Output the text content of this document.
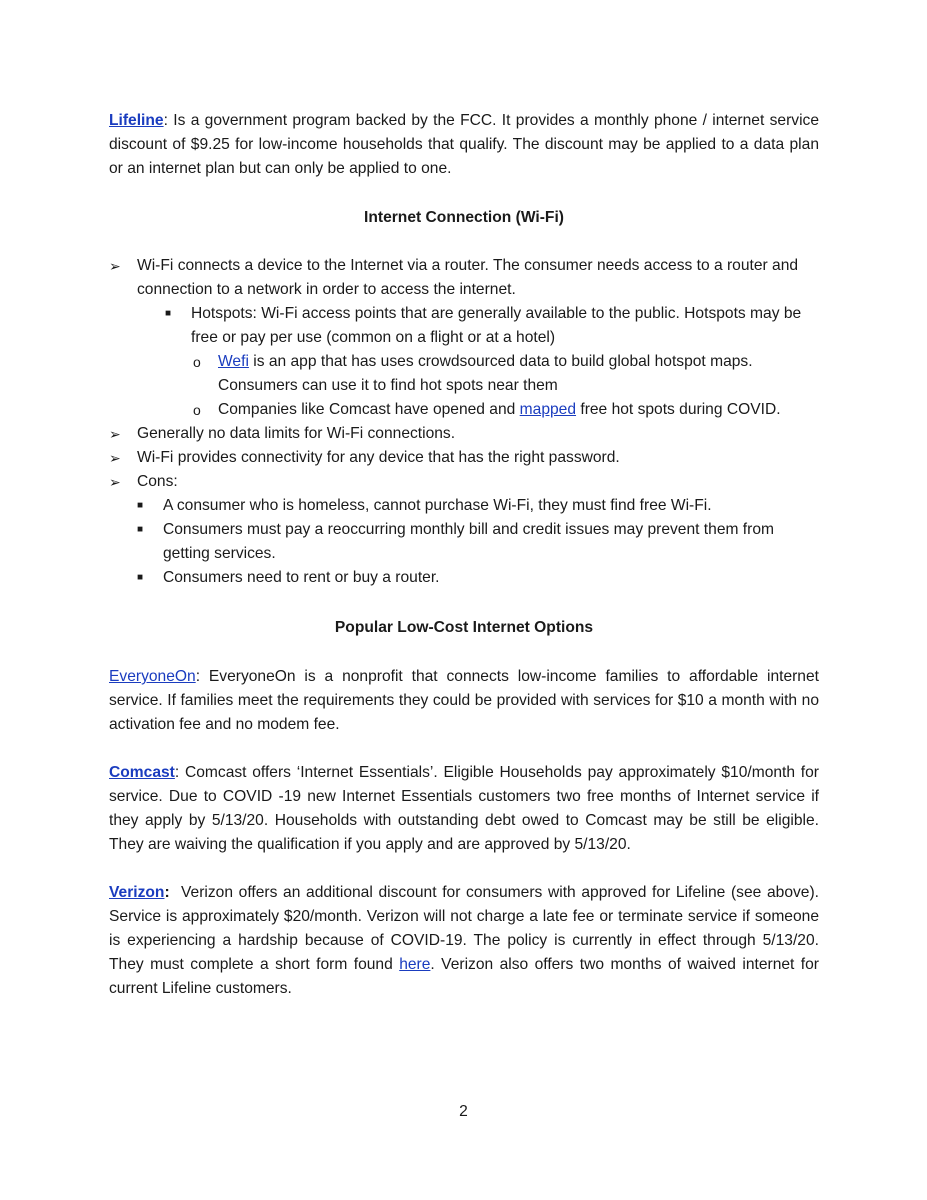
Lifeline: Is a government program backed by the FCC. It provides a monthly phone / internet service discount of $9.25 for low-income households that qualify. The discount may be applied to a data plan or an internet plan but can only be applied to one.

Internet Connection (Wi-Fi)

➢ Wi-Fi connects a device to the Internet via a router. The consumer needs access to a router and connection to a network in order to access the internet.
■ Hotspots: Wi-Fi access points that are generally available to the public. Hotspots may be free or pay per use (common on a flight or at a hotel)
o Wefi is an app that has uses crowdsourced data to build global hotspot maps. Consumers can use it to find hot spots near them
o Companies like Comcast have opened and mapped free hot spots during COVID.
➢ Generally no data limits for Wi-Fi connections.
➢ Wi-Fi provides connectivity for any device that has the right password.
➢ Cons:
■ A consumer who is homeless, cannot purchase Wi-Fi, they must find free Wi-Fi.
■ Consumers must pay a reoccurring monthly bill and credit issues may prevent them from getting services.
■ Consumers need to rent or buy a router.

Popular Low-Cost Internet Options

EveryoneOn: EveryoneOn is a nonprofit that connects low-income families to affordable internet service. If families meet the requirements they could be provided with services for $10 a month with no activation fee and no modem fee.

Comcast: Comcast offers ‘Internet Essentials’. Eligible Households pay approximately $10/month for service. Due to COVID -19 new Internet Essentials customers two free months of Internet service if they apply by 5/13/20. Households with outstanding debt owed to Comcast may be still be eligible. They are waiving the qualification if you apply and are approved by 5/13/20.

Verizon:  Verizon offers an additional discount for consumers with approved for Lifeline (see above). Service is approximately $20/month. Verizon will not charge a late fee or terminate service if someone is experiencing a hardship because of COVID-19. The policy is currently in effect through 5/13/20. They must complete a short form found here. Verizon also offers two months of waived internet for current Lifeline customers.

2
